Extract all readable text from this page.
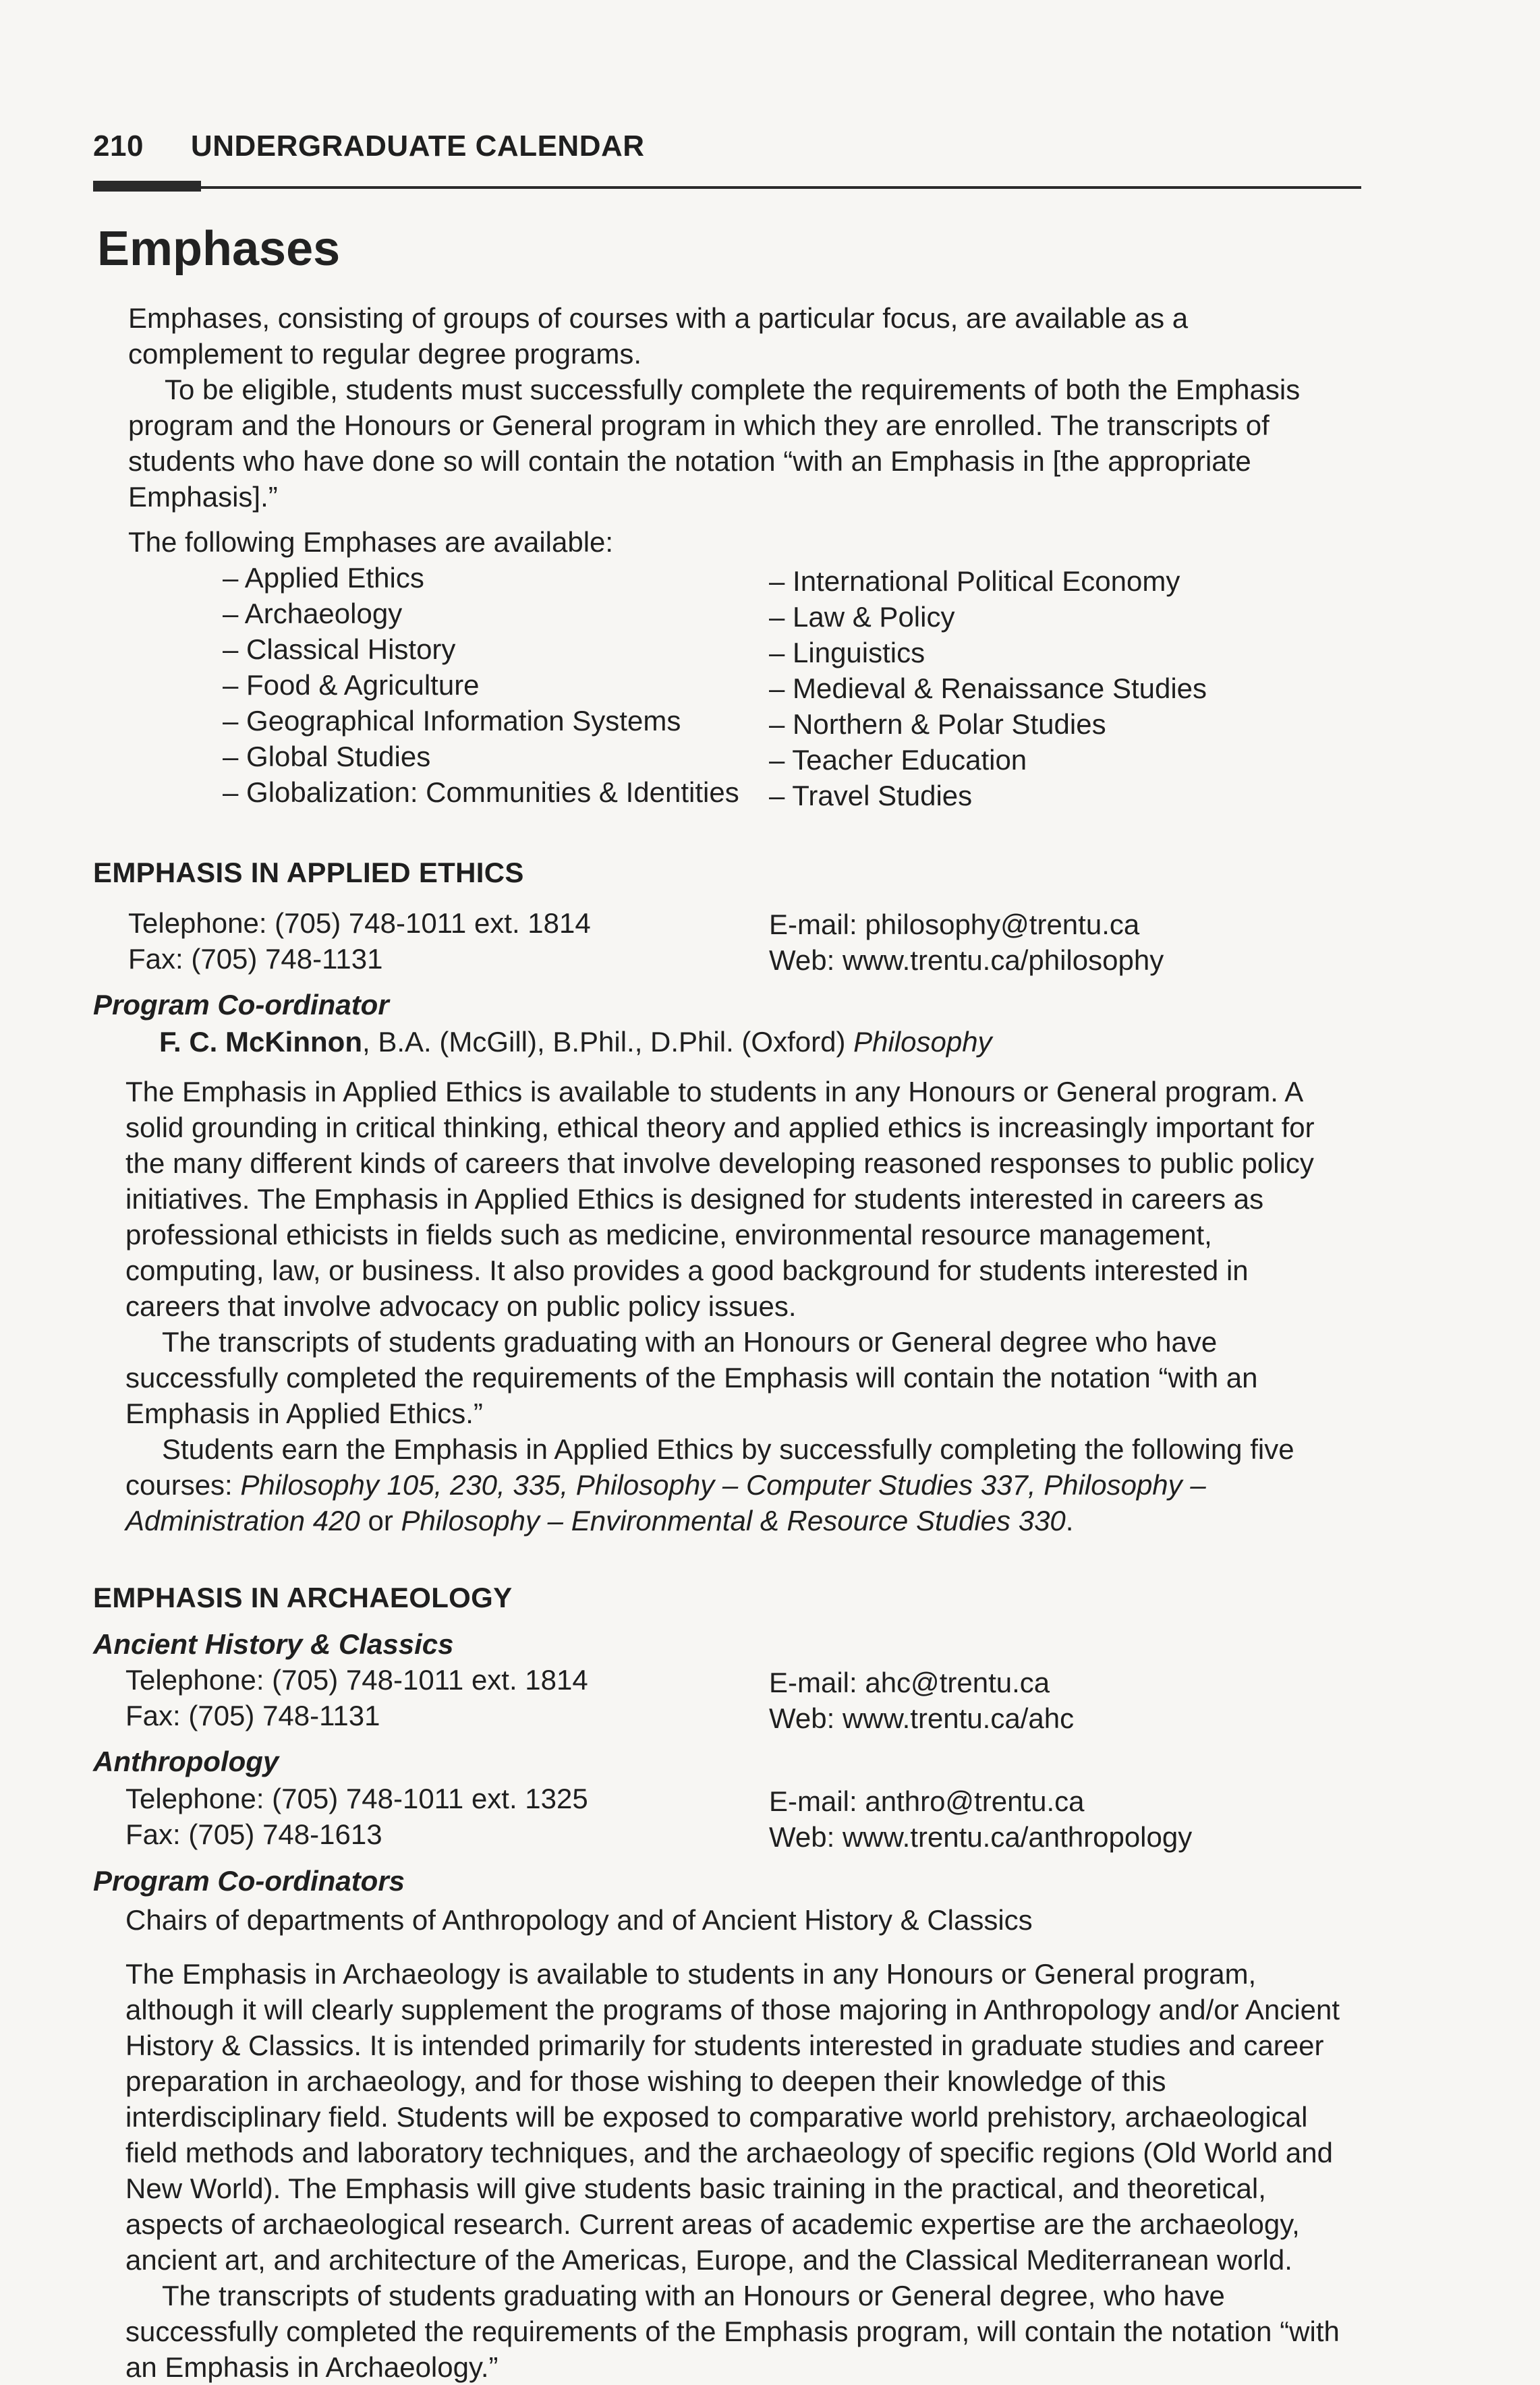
210 UNDERGRADUATE CALENDAR
Emphases

Emphases, consisting of groups of courses with a particular focus, are available as a complement to regular degree programs.

To be eligible, students must successfully complete the requirements of both the Emphasis program and the Honours or General program in which they are enrolled. The transcripts of students who have done so will contain the notation “with an Emphasis in [the appropriate Emphasis].”

The following Emphases are available:
– Applied Ethics
– Archaeology
– Classical History
– Food & Agriculture
– Geographical Information Systems
– Global Studies
– Globalization: Communities & Identities
– International Political Economy
– Law & Policy
– Linguistics
– Medieval & Renaissance Studies
– Northern & Polar Studies
– Teacher Education
– Travel Studies
EMPHASIS IN APPLIED ETHICS
Telephone: (705) 748-1011 ext. 1814
Fax: (705) 748-1131
E-mail: philosophy@trentu.ca
Web: www.trentu.ca/philosophy
Program Co-ordinator
F. C. McKinnon, B.A. (McGill), B.Phil., D.Phil. (Oxford) Philosophy

The Emphasis in Applied Ethics is available to students in any Honours or General program. A solid grounding in critical thinking, ethical theory and applied ethics is increasingly important for the many different kinds of careers that involve developing reasoned responses to public policy initiatives. The Emphasis in Applied Ethics is designed for students interested in careers as professional ethicists in fields such as medicine, environmental resource management, computing, law, or business. It also provides a good background for students interested in careers that involve advocacy on public policy issues.

The transcripts of students graduating with an Honours or General degree who have successfully completed the requirements of the Emphasis will contain the notation “with an Emphasis in Applied Ethics.”

Students earn the Emphasis in Applied Ethics by successfully completing the following five courses: Philosophy 105, 230, 335, Philosophy – Computer Studies 337, Philosophy – Administration 420 or Philosophy – Environmental & Resource Studies 330.

EMPHASIS IN ARCHAEOLOGY
Ancient History & Classics
Telephone: (705) 748-1011 ext. 1814
Fax: (705) 748-1131
E-mail: ahc@trentu.ca
Web: www.trentu.ca/ahc
Anthropology
Telephone: (705) 748-1011 ext. 1325
Fax: (705) 748-1613
E-mail: anthro@trentu.ca
Web: www.trentu.ca/anthropology
Program Co-ordinators
Chairs of departments of Anthropology and of Ancient History & Classics

The Emphasis in Archaeology is available to students in any Honours or General program, although it will clearly supplement the programs of those majoring in Anthropology and/or Ancient History & Classics. It is intended primarily for students interested in graduate studies and career preparation in archaeology, and for those wishing to deepen their knowledge of this interdisciplinary field. Students will be exposed to comparative world prehistory, archaeological field methods and laboratory techniques, and the archaeology of specific regions (Old World and New World). The Emphasis will give students basic training in the practical, and theoretical, aspects of archaeological research. Current areas of academic expertise are the archaeology, ancient art, and architecture of the Americas, Europe, and the Classical Mediterranean world.

The transcripts of students graduating with an Honours or General degree, who have successfully completed the requirements of the Emphasis program, will contain the notation “with an Emphasis in Archaeology.”
